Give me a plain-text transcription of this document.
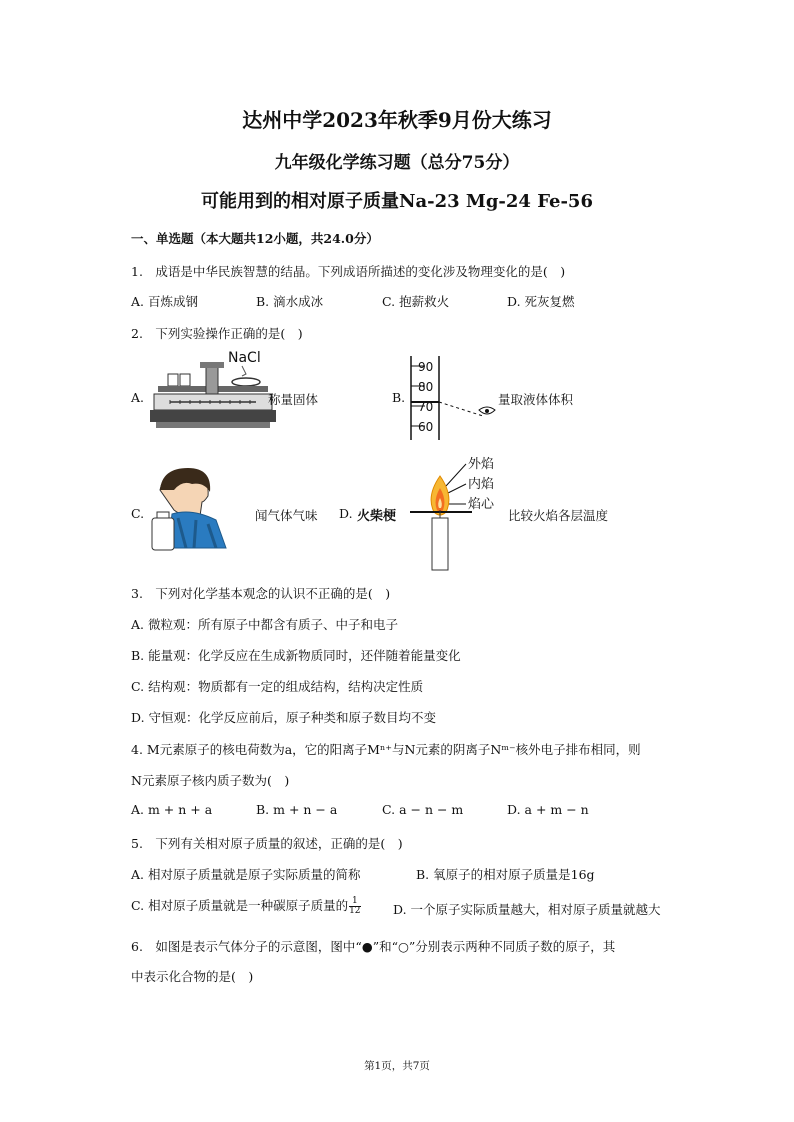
达州中学2023年秋季9月份大练习
九年级化学练习题（总分75分）
可能用到的相对原子质量Na-23 Mg-24 Fe-56
一、单选题（本大题共12小题，共24.0分）
1.　成语是中华民族智慧的结晶。下列成语所描述的变化涉及物理变化的是(　)
A. 百炼成钢	B. 滴水成冰	C. 抱薪救火	D. 死灰复燃
2.　下列实验操作正确的是(　)
A.
NaCl
称量固体	B.
90
80
70
60
量取液体体积
C.	闻气体气味 D. 火柴梗
外焰
内焰
焰心
比较火焰各层温度
3.　下列对化学基本观念的认识不正确的是(　)
A. 微粒观：所有原子中都含有质子、中子和电子
B. 能量观：化学反应在生成新物质同时，还伴随着能量变化
C. 结构观：物质都有一定的组成结构，结构决定性质
D. 守恒观：化学反应前后，原子种类和原子数目均不变
4. M元素原子的核电荷数为a，它的阳离子Mⁿ⁺与N元素的阴离子Nᵐ⁻核外电子排布相同，则
N元素原子核内质子数为(　)
A. m + n + a	B. m + n − a	C. a − n − m	D. a + m − n
5.　下列有关相对原子质量的叙述，正确的是(　)
A. 相对原子质量就是原子实际质量的简称	B. 氧原子的相对原子质量是16g
C. 相对原子质量就是一种碳原子质量的 $\frac{1}{12}$	D. 一个原子实际质量越大，相对原子质量就越大
6.　如图是表示气体分子的示意图，图中“●”和“○”分别表示两种不同质子数的原子，其
中表示化合物的是(　)
第1页，共7页
